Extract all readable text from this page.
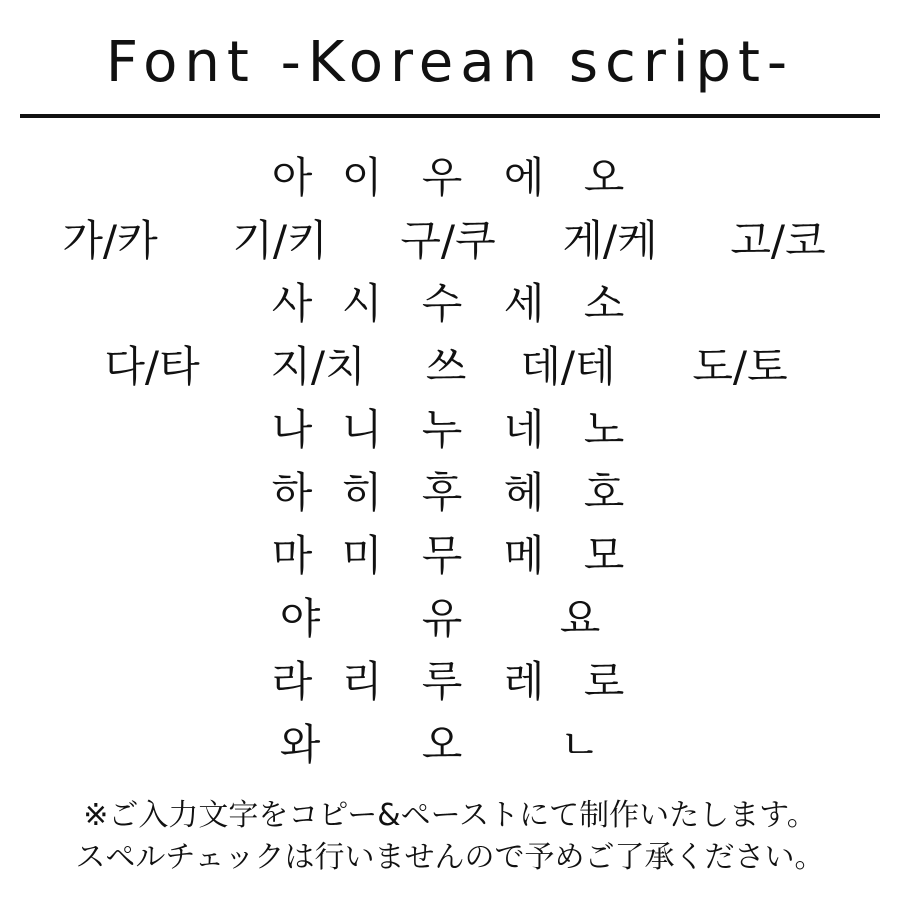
Font -Korean script-
아 이 우 에 오
가/카	기/키	구/쿠	게/케	고/코
사 시 수 세 소
다/타	지/치	쓰	데/테	도/토
나 니 누 네 노
하 히 후 헤 호
마 미 무 메 모
야	유	요
라 리 루 레 로
와	오	ㄴ
※ご入力文字をコピー&ペーストにて制作いたします。
スペルチェックは行いませんので予めご了承ください。
